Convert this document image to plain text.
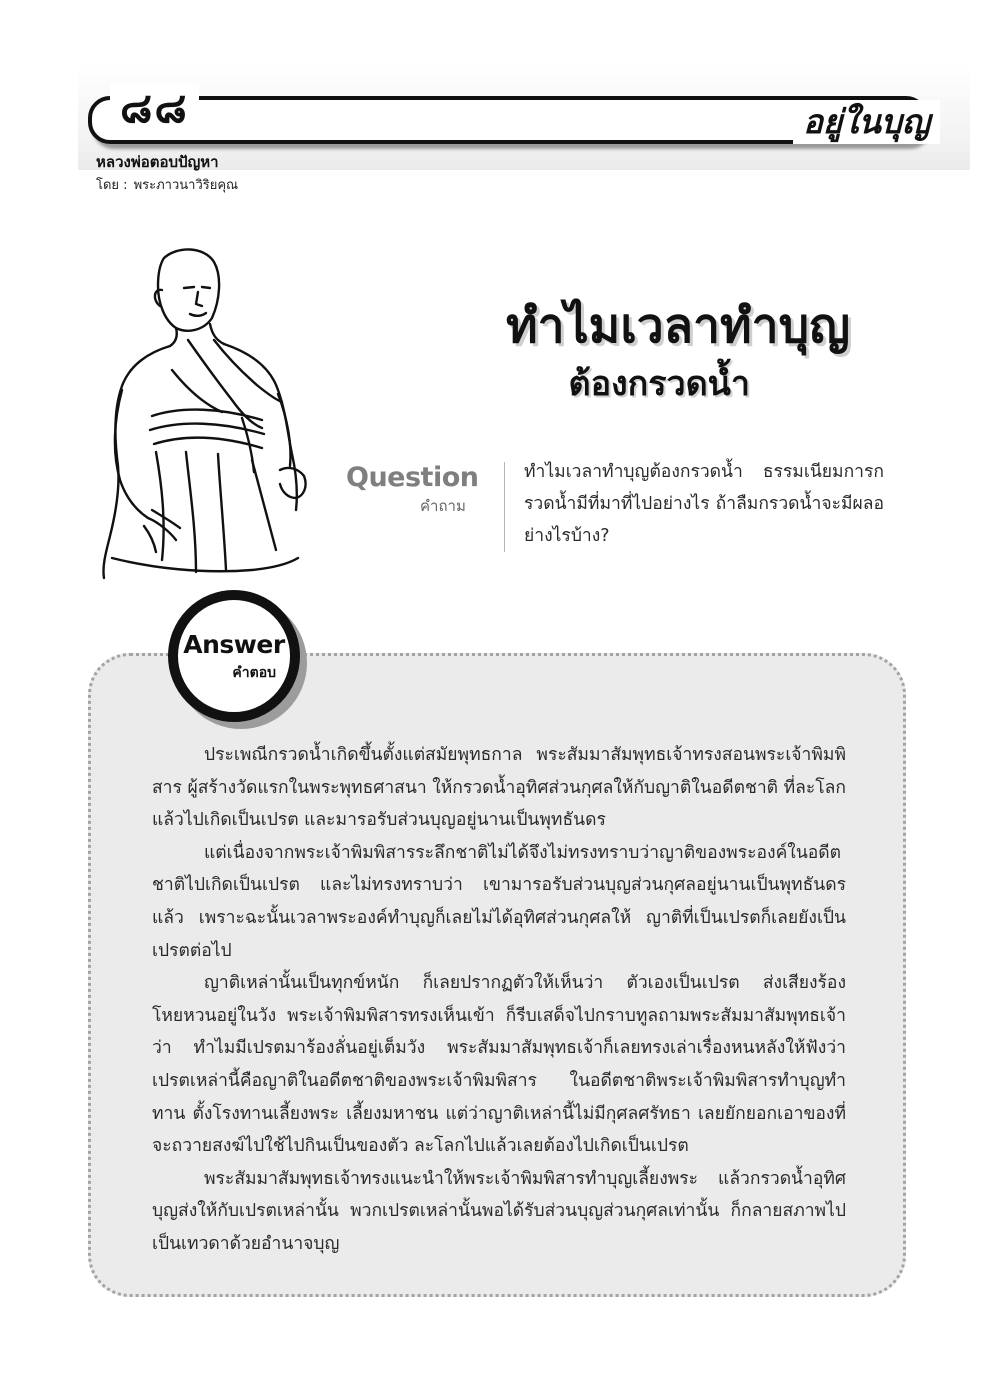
๘๘	อยู่ในบุญ
หลวงพ่อตอบปัญหา
โดย : พระภาวนาวิริยคุณ
ทำไมเวลาทำบุญ
ต้องกรวดน้ำ
Question
คำถาม
ทำไมเวลาทำบุญต้องกรวดน้ำ ธรรมเนียมการกรวดน้ำมีที่มาที่ไปอย่างไร ถ้าลืมกรวดน้ำจะมีผลอย่างไรบ้าง?
Answer
คำตอบ

ประเพณีกรวดน้ำเกิดขึ้นตั้งแต่สมัยพุทธกาล พระสัมมาสัมพุทธเจ้าทรงสอนพระเจ้าพิมพิสาร ผู้สร้างวัดแรกในพระพุทธศาสนา ให้กรวดน้ำอุทิศส่วนกุศลให้กับญาติในอดีตชาติ ที่ละโลกแล้วไปเกิดเป็นเปรต และมารอรับส่วนบุญอยู่นานเป็นพุทธันดร

แต่เนื่องจากพระเจ้าพิมพิสารระลึกชาติไม่ได้จึงไม่ทรงทราบว่าญาติของพระองค์ในอดีตชาติไปเกิดเป็นเปรต และไม่ทรงทราบว่า เขามารอรับส่วนบุญส่วนกุศลอยู่นานเป็นพุทธันดรแล้ว เพราะฉะนั้นเวลาพระองค์ทำบุญก็เลยไม่ได้อุทิศส่วนกุศลให้ ญาติที่เป็นเปรตก็เลยยังเป็นเปรตต่อไป

ญาติเหล่านั้นเป็นทุกข์หนัก ก็เลยปรากฏตัวให้เห็นว่า ตัวเองเป็นเปรต ส่งเสียงร้องโหยหวนอยู่ในวัง พระเจ้าพิมพิสารทรงเห็นเข้า ก็รีบเสด็จไปกราบทูลถามพระสัมมาสัมพุทธเจ้าว่า ทำไมมีเปรตมาร้องลั่นอยู่เต็มวัง พระสัมมาสัมพุทธเจ้าก็เลยทรงเล่าเรื่องหนหลังให้ฟังว่า เปรตเหล่านี้คือญาติในอดีตชาติของพระเจ้าพิมพิสาร ในอดีตชาติพระเจ้าพิมพิสารทำบุญทำทาน ตั้งโรงทานเลี้ยงพระ เลี้ยงมหาชน แต่ว่าญาติเหล่านี้ไม่มีกุศลศรัทธา เลยยักยอกเอาของที่จะถวายสงฆ์ไปใช้ไปกินเป็นของตัว ละโลกไปแล้วเลยต้องไปเกิดเป็นเปรต

พระสัมมาสัมพุทธเจ้าทรงแนะนำให้พระเจ้าพิมพิสารทำบุญเลี้ยงพระ แล้วกรวดน้ำอุทิศบุญส่งให้กับเปรตเหล่านั้น พวกเปรตเหล่านั้นพอได้รับส่วนบุญส่วนกุศลเท่านั้น ก็กลายสภาพไปเป็นเทวดาด้วยอำนาจบุญ
